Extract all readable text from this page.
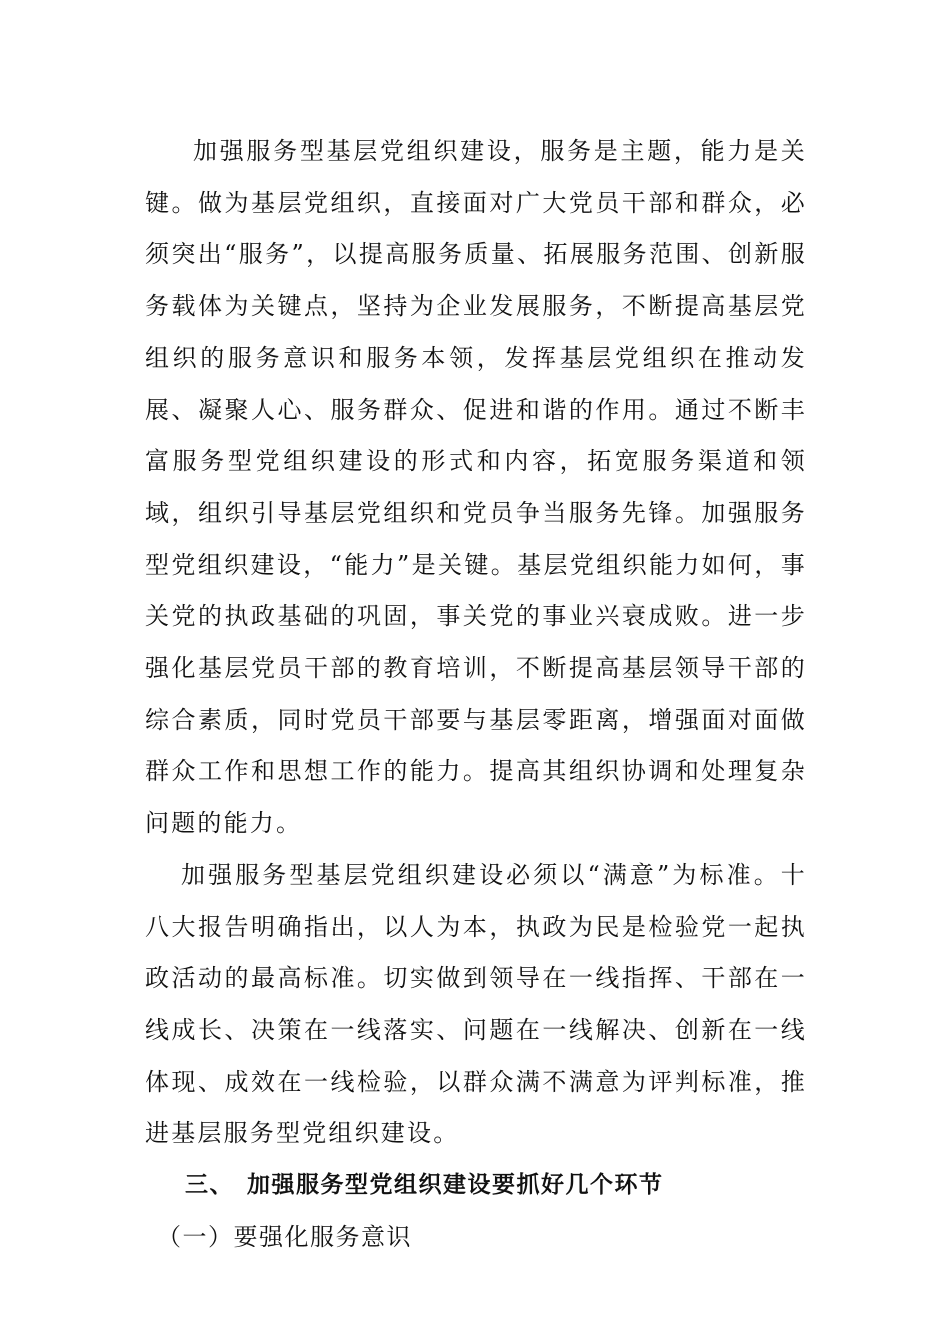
加强服务型基层党组织建设，服务是主题，能力是关键。做为基层党组织，直接面对广大党员干部和群众，必须突出“服务”，以提高服务质量、拓展服务范围、创新服务载体为关键点，坚持为企业发展服务，不断提高基层党组织的服务意识和服务本领，发挥基层党组织在推动发展、凝聚人心、服务群众、促进和谐的作用。通过不断丰富服务型党组织建设的形式和内容，拓宽服务渠道和领域，组织引导基层党组织和党员争当服务先锋。加强服务型党组织建设，“能力”是关键。基层党组织能力如何，事关党的执政基础的巩固，事关党的事业兴衰成败。进一步强化基层党员干部的教育培训，不断提高基层领导干部的综合素质，同时党员干部要与基层零距离，增强面对面做群众工作和思想工作的能力。提高其组织协调和处理复杂问题的能力。

加强服务型基层党组织建设必须以“满意”为标准。十八大报告明确指出，以人为本，执政为民是检验党一起执政活动的最高标准。切实做到领导在一线指挥、干部在一线成长、决策在一线落实、问题在一线解决、创新在一线体现、成效在一线检验，以群众满不满意为评判标准，推进基层服务型党组织建设。

三、 加强服务型党组织建设要抓好几个环节

（一）要强化服务意识
